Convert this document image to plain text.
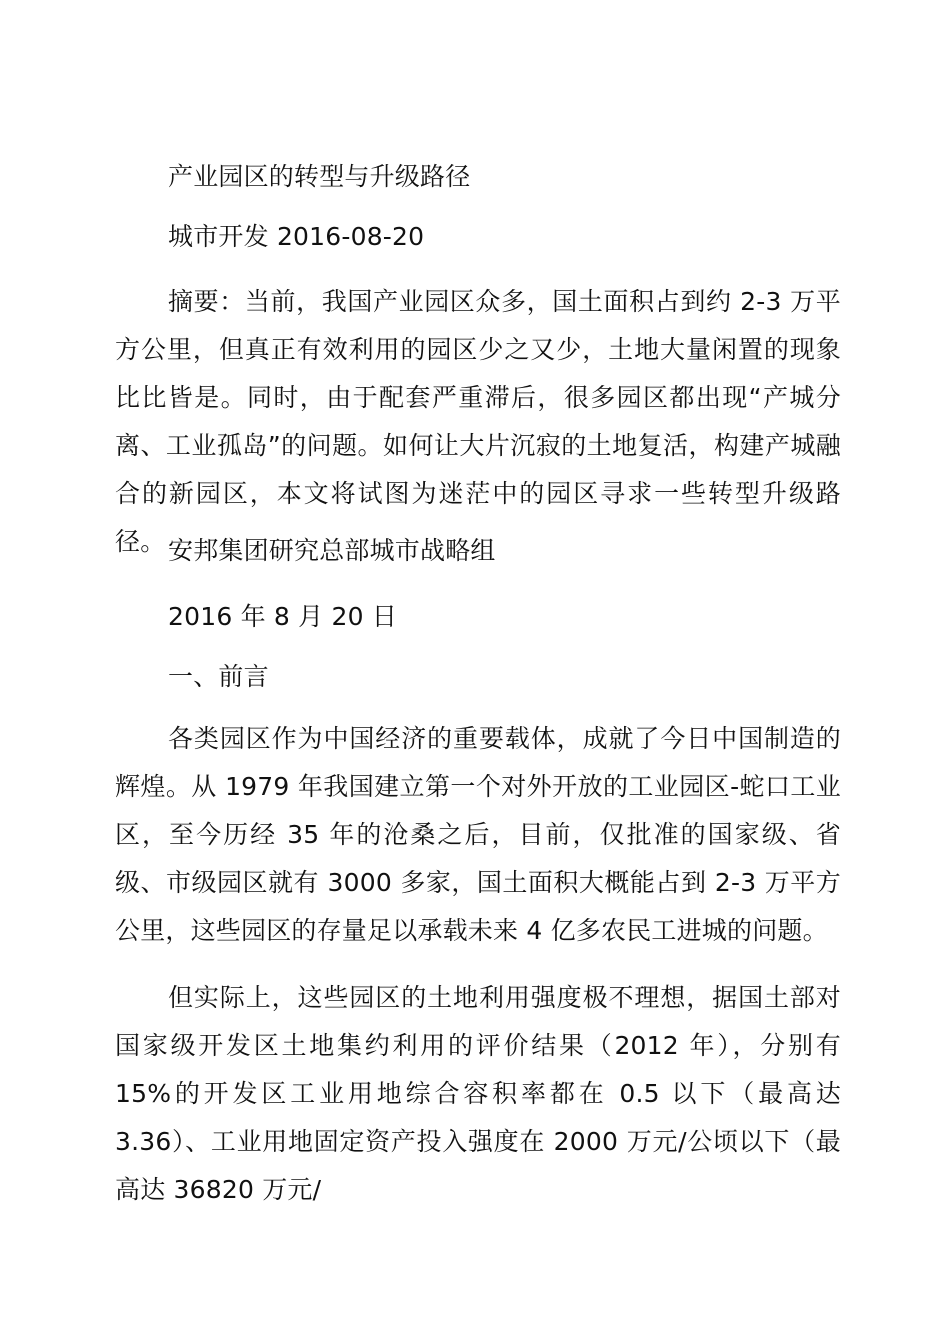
产业园区的转型与升级路径
城市开发 2016-08-20
摘要：当前，我国产业园区众多，国土面积占到约 2-3 万平方公里，但真正有效利用的园区少之又少，土地大量闲置的现象比比皆是。同时，由于配套严重滞后，很多园区都出现“产城分离、工业孤岛”的问题。如何让大片沉寂的土地复活，构建产城融合的新园区，本文将试图为迷茫中的园区寻求一些转型升级路径。 安邦集团研究总部城市战略组
2016 年 8 月 20 日
一、前言
各类园区作为中国经济的重要载体，成就了今日中国制造的辉煌。从 1979 年我国建立第一个对外开放的工业园区-蛇口工业区，至今历经 35 年的沧桑之后，目前，仅批准的国家级、省级、市级园区就有 3000 多家，国土面积大概能占到 2-3 万平方公里，这些园区的存量足以承载未来 4 亿多农民工进城的问题。
但实际上，这些园区的土地利用强度极不理想，据国土部对国家级开发区土地集约利用的评价结果（2012 年），分别有 15%的开发区工业用地综合容积率都在 0.5 以下（最高达 3.36）、工业用地固定资产投入强度在 2000 万元/公顷以下（最高达 36820 万元/
